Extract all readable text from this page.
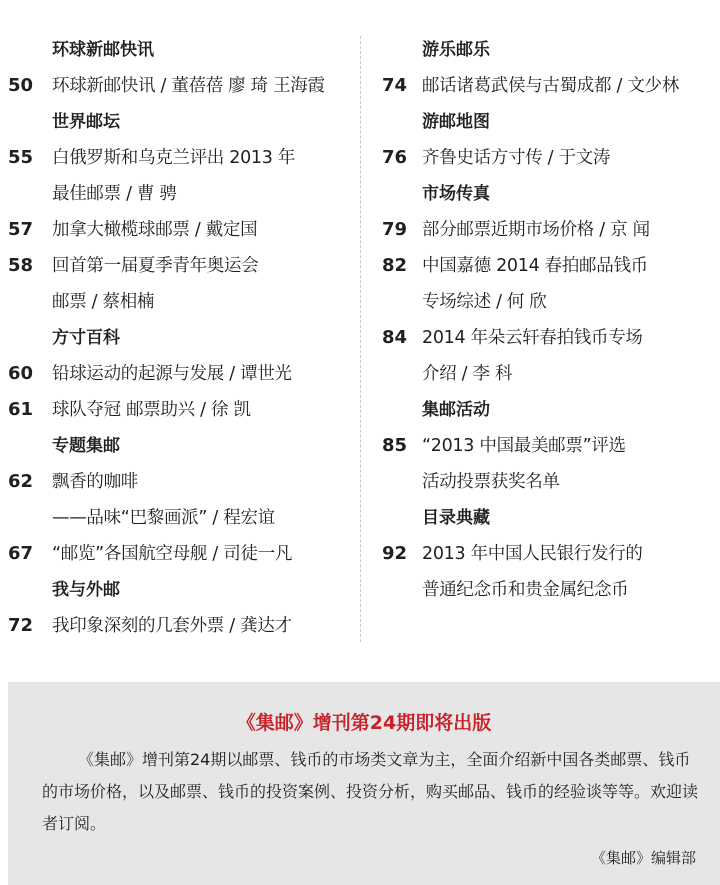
环球新邮快讯
50	环球新邮快讯 / 董蓓蓓 廖 琦 王海霞
世界邮坛
55	白俄罗斯和乌克兰评出 2013 年
最佳邮票 / 曹 骋
57	加拿大橄榄球邮票 / 戴定国
58	回首第一届夏季青年奥运会
邮票 / 蔡相楠
方寸百科
60	铅球运动的起源与发展 / 谭世光
61	球队夺冠 邮票助兴 / 徐 凯
专题集邮
62	飘香的咖啡
——品味“巴黎画派” / 程宏谊
67	“邮览”各国航空母舰 / 司徒一凡
我与外邮
72	我印象深刻的几套外票 / 龚达才
游乐邮乐
74 邮话诸葛武侯与古蜀成都 / 文少林
游邮地图
76 齐鲁史话方寸传 / 于文涛
市场传真
79 部分邮票近期市场价格 / 京 闻
82 中国嘉德 2014 春拍邮品钱币
专场综述 / 何 欣
84 2014 年朵云轩春拍钱币专场
介绍 / 李 科
集邮活动
85 “2013 中国最美邮票”评选
活动投票获奖名单
目录典藏
92 2013 年中国人民银行发行的
普通纪念币和贵金属纪念币
《集邮》增刊第24期即将出版
《集邮》增刊第24期以邮票、钱币的市场类文章为主，全面介绍新中国各类邮票、钱币的市场价格，以及邮票、钱币的投资案例、投资分析，购买邮品、钱币的经验谈等等。欢迎读者订阅。
《集邮》编辑部
